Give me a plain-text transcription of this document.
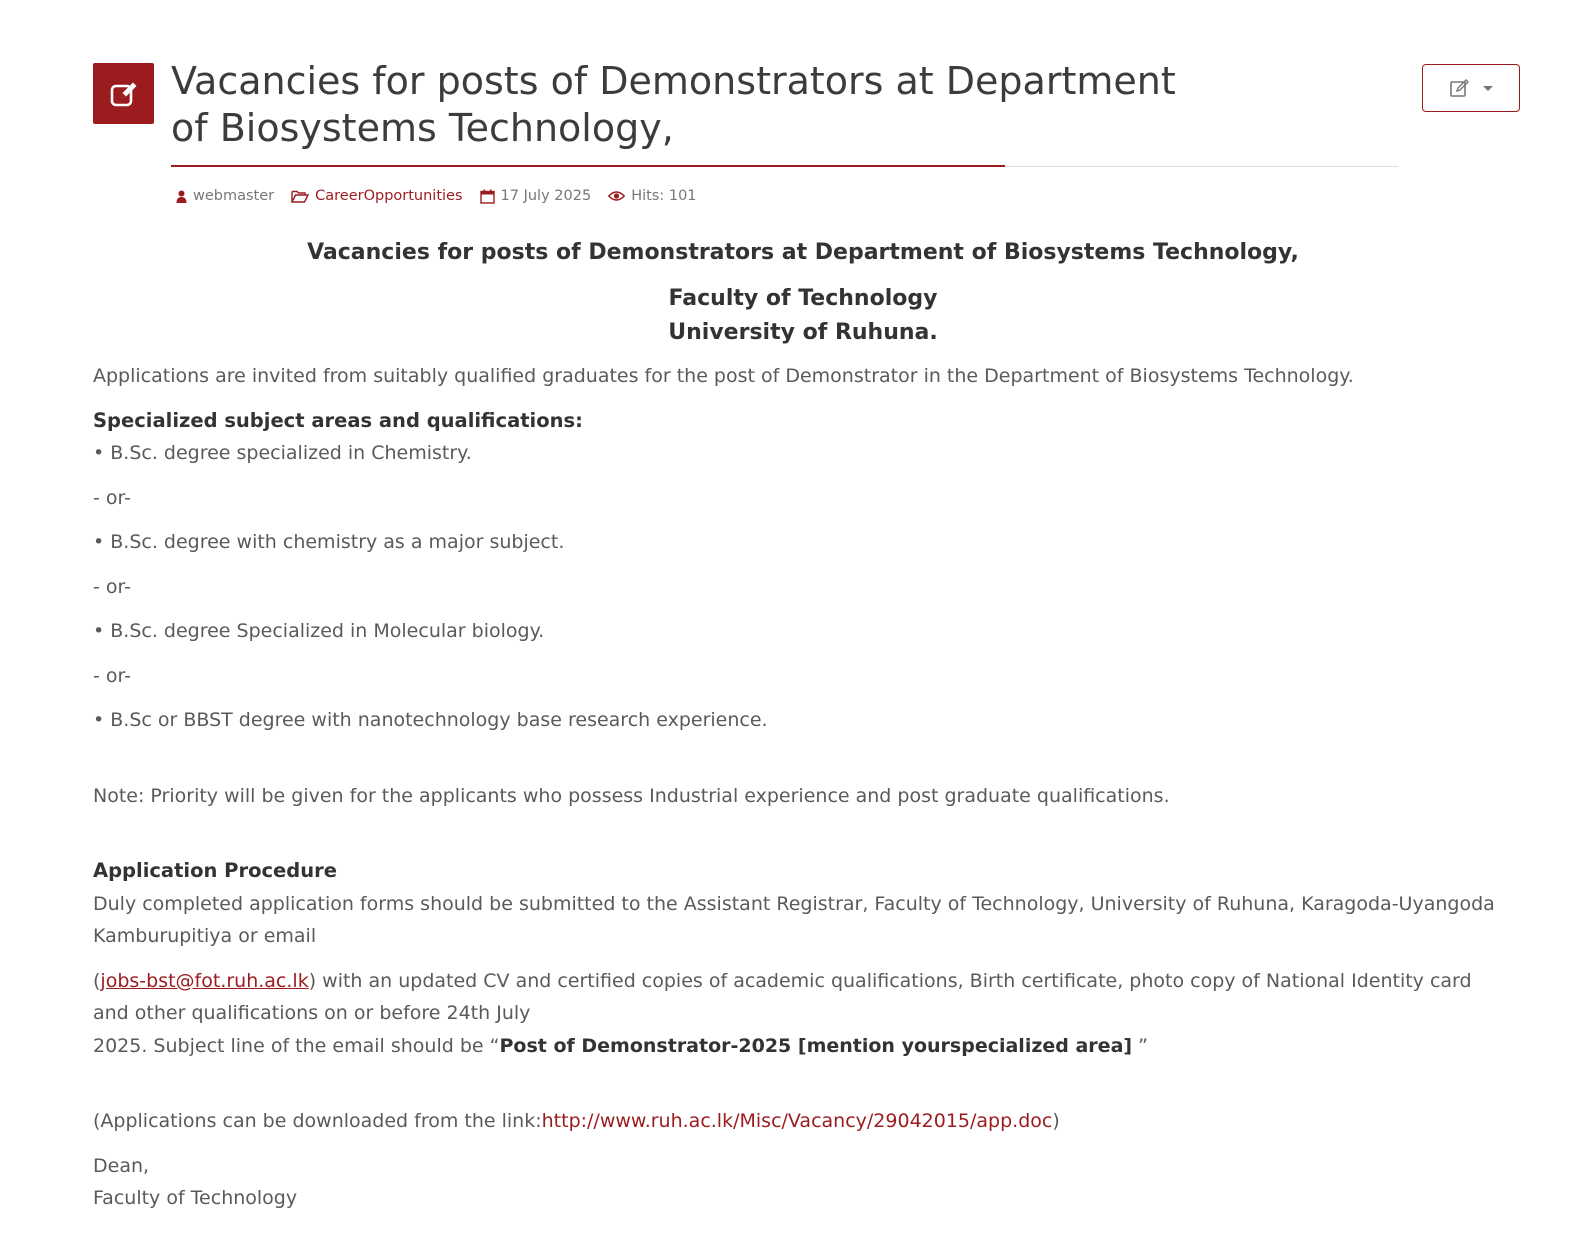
Vacancies for posts of Demonstrators at Department of Biosystems Technology,
webmaster	CareerOpportunities	17 July 2025	Hits: 101

Vacancies for posts of Demonstrators at Department of Biosystems Technology,

Faculty of Technology

University of Ruhuna.

Applications are invited from suitably qualified graduates for the post of Demonstrator in the Department of Biosystems Technology.

Specialized subject areas and qualifications:

• B.Sc. degree specialized in Chemistry.

- or-

• B.Sc. degree with chemistry as a major subject.

- or-

• B.Sc. degree Specialized in Molecular biology.

- or-

• B.Sc or BBST degree with nanotechnology base research experience.

Note: Priority will be given for the applicants who possess Industrial experience and post graduate qualifications.

Application Procedure

Duly completed application forms should be submitted to the Assistant Registrar, Faculty of Technology, University of Ruhuna, Karagoda-Uyangoda Kamburupitiya or email

(jobs-bst@fot.ruh.ac.lk) with an updated CV and certified copies of academic qualifications, Birth certificate, photo copy of National Identity card and other qualifications on or before 24th July
2025. Subject line of the email should be “Post of Demonstrator-2025 [mention yourspecialized area] ”

(Applications can be downloaded from the link:http://www.ruh.ac.lk/Misc/Vacancy/29042015/app.doc)

Dean,

Faculty of Technology
